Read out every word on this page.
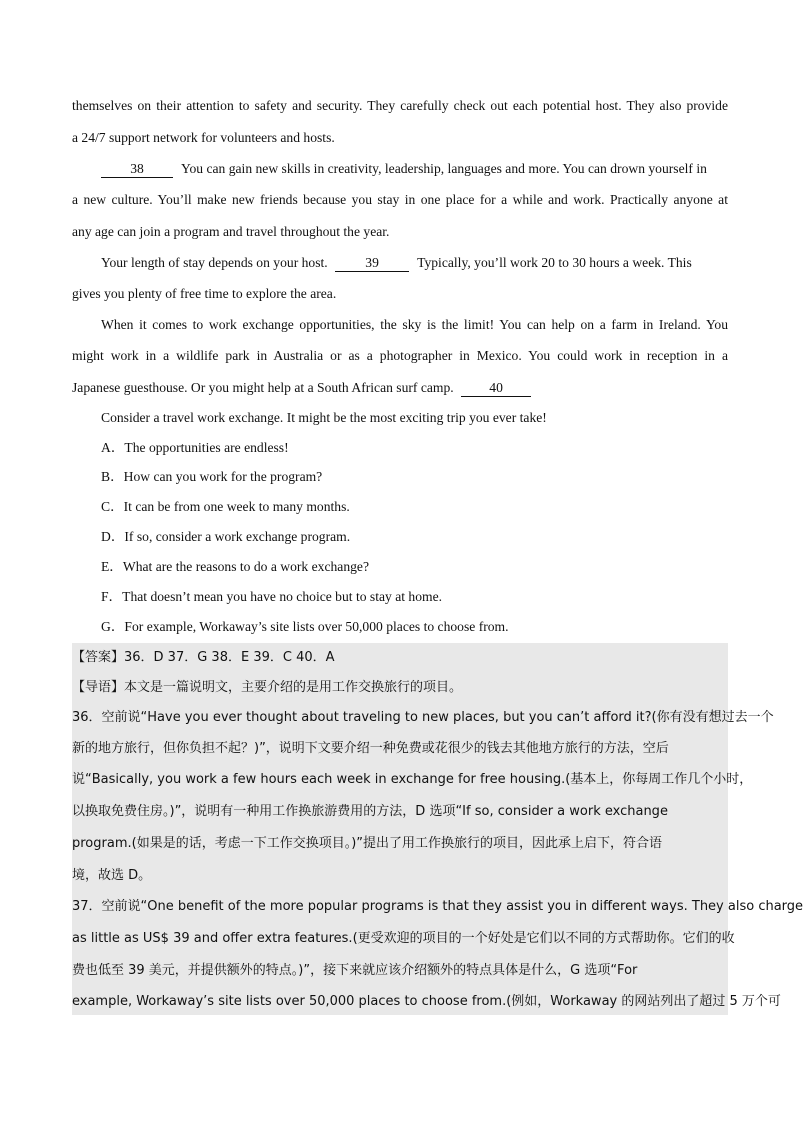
themselves on their attention to safety and security. They carefully check out each potential host. They also provide
a 24/7 support network for volunteers and hosts.
38	You can gain new skills in creativity, leadership, languages and more. You can drown yourself in
a new culture. You’ll make new friends because you stay in one place for a while and work. Practically anyone at
any age can join a program and travel throughout the year.
Your length of stay depends on your host.	39	Typically, you’ll work 20 to 30 hours a week. This
gives you plenty of free time to explore the area.
When it comes to work exchange opportunities, the sky is the limit! You can help on a farm in Ireland. You
might work in a wildlife park in Australia or as a photographer in Mexico. You could work in reception in a
Japanese guesthouse. Or you might help at a South African surf camp.	40
Consider a travel work exchange. It might be the most exciting trip you ever take!
A．The opportunities are endless!
B．How can you work for the program?
C．It can be from one week to many months.
D．If so, consider a work exchange program.
E．What are the reasons to do a work exchange?
F．That doesn’t mean you have no choice but to stay at home.
G．For example, Workaway’s site lists over 50,000 places to choose from.
【答案】36．D 37．G 38．E 39．C 40．A
【导语】本文是一篇说明文，主要介绍的是用工作交换旅行的项目。
36．空前说“Have you ever thought about traveling to new places, but you can’t afford it?(你有没有想过去一个
新的地方旅行，但你负担不起？)”，说明下文要介绍一种免费或花很少的钱去其他地方旅行的方法，空后
说“Basically, you work a few hours each week in exchange for free housing.(基本上，你每周工作几个小时，
以换取免费住房。)”，说明有一种用工作换旅游费用的方法，D 选项“If so, consider a work exchange
program.(如果是的话，考虑一下工作交换项目。)”提出了用工作换旅行的项目，因此承上启下，符合语
境，故选 D。
37．空前说“One benefit of the more popular programs is that they assist you in different ways. They also charge
as little as US$ 39 and offer extra features.(更受欢迎的项目的一个好处是它们以不同的方式帮助你。它们的收
费也低至 39 美元，并提供额外的特点。)”，接下来就应该介绍额外的特点具体是什么，G 选项“For
example, Workaway’s site lists over 50,000 places to choose from.(例如，Workaway 的网站列出了超过 5 万个可
